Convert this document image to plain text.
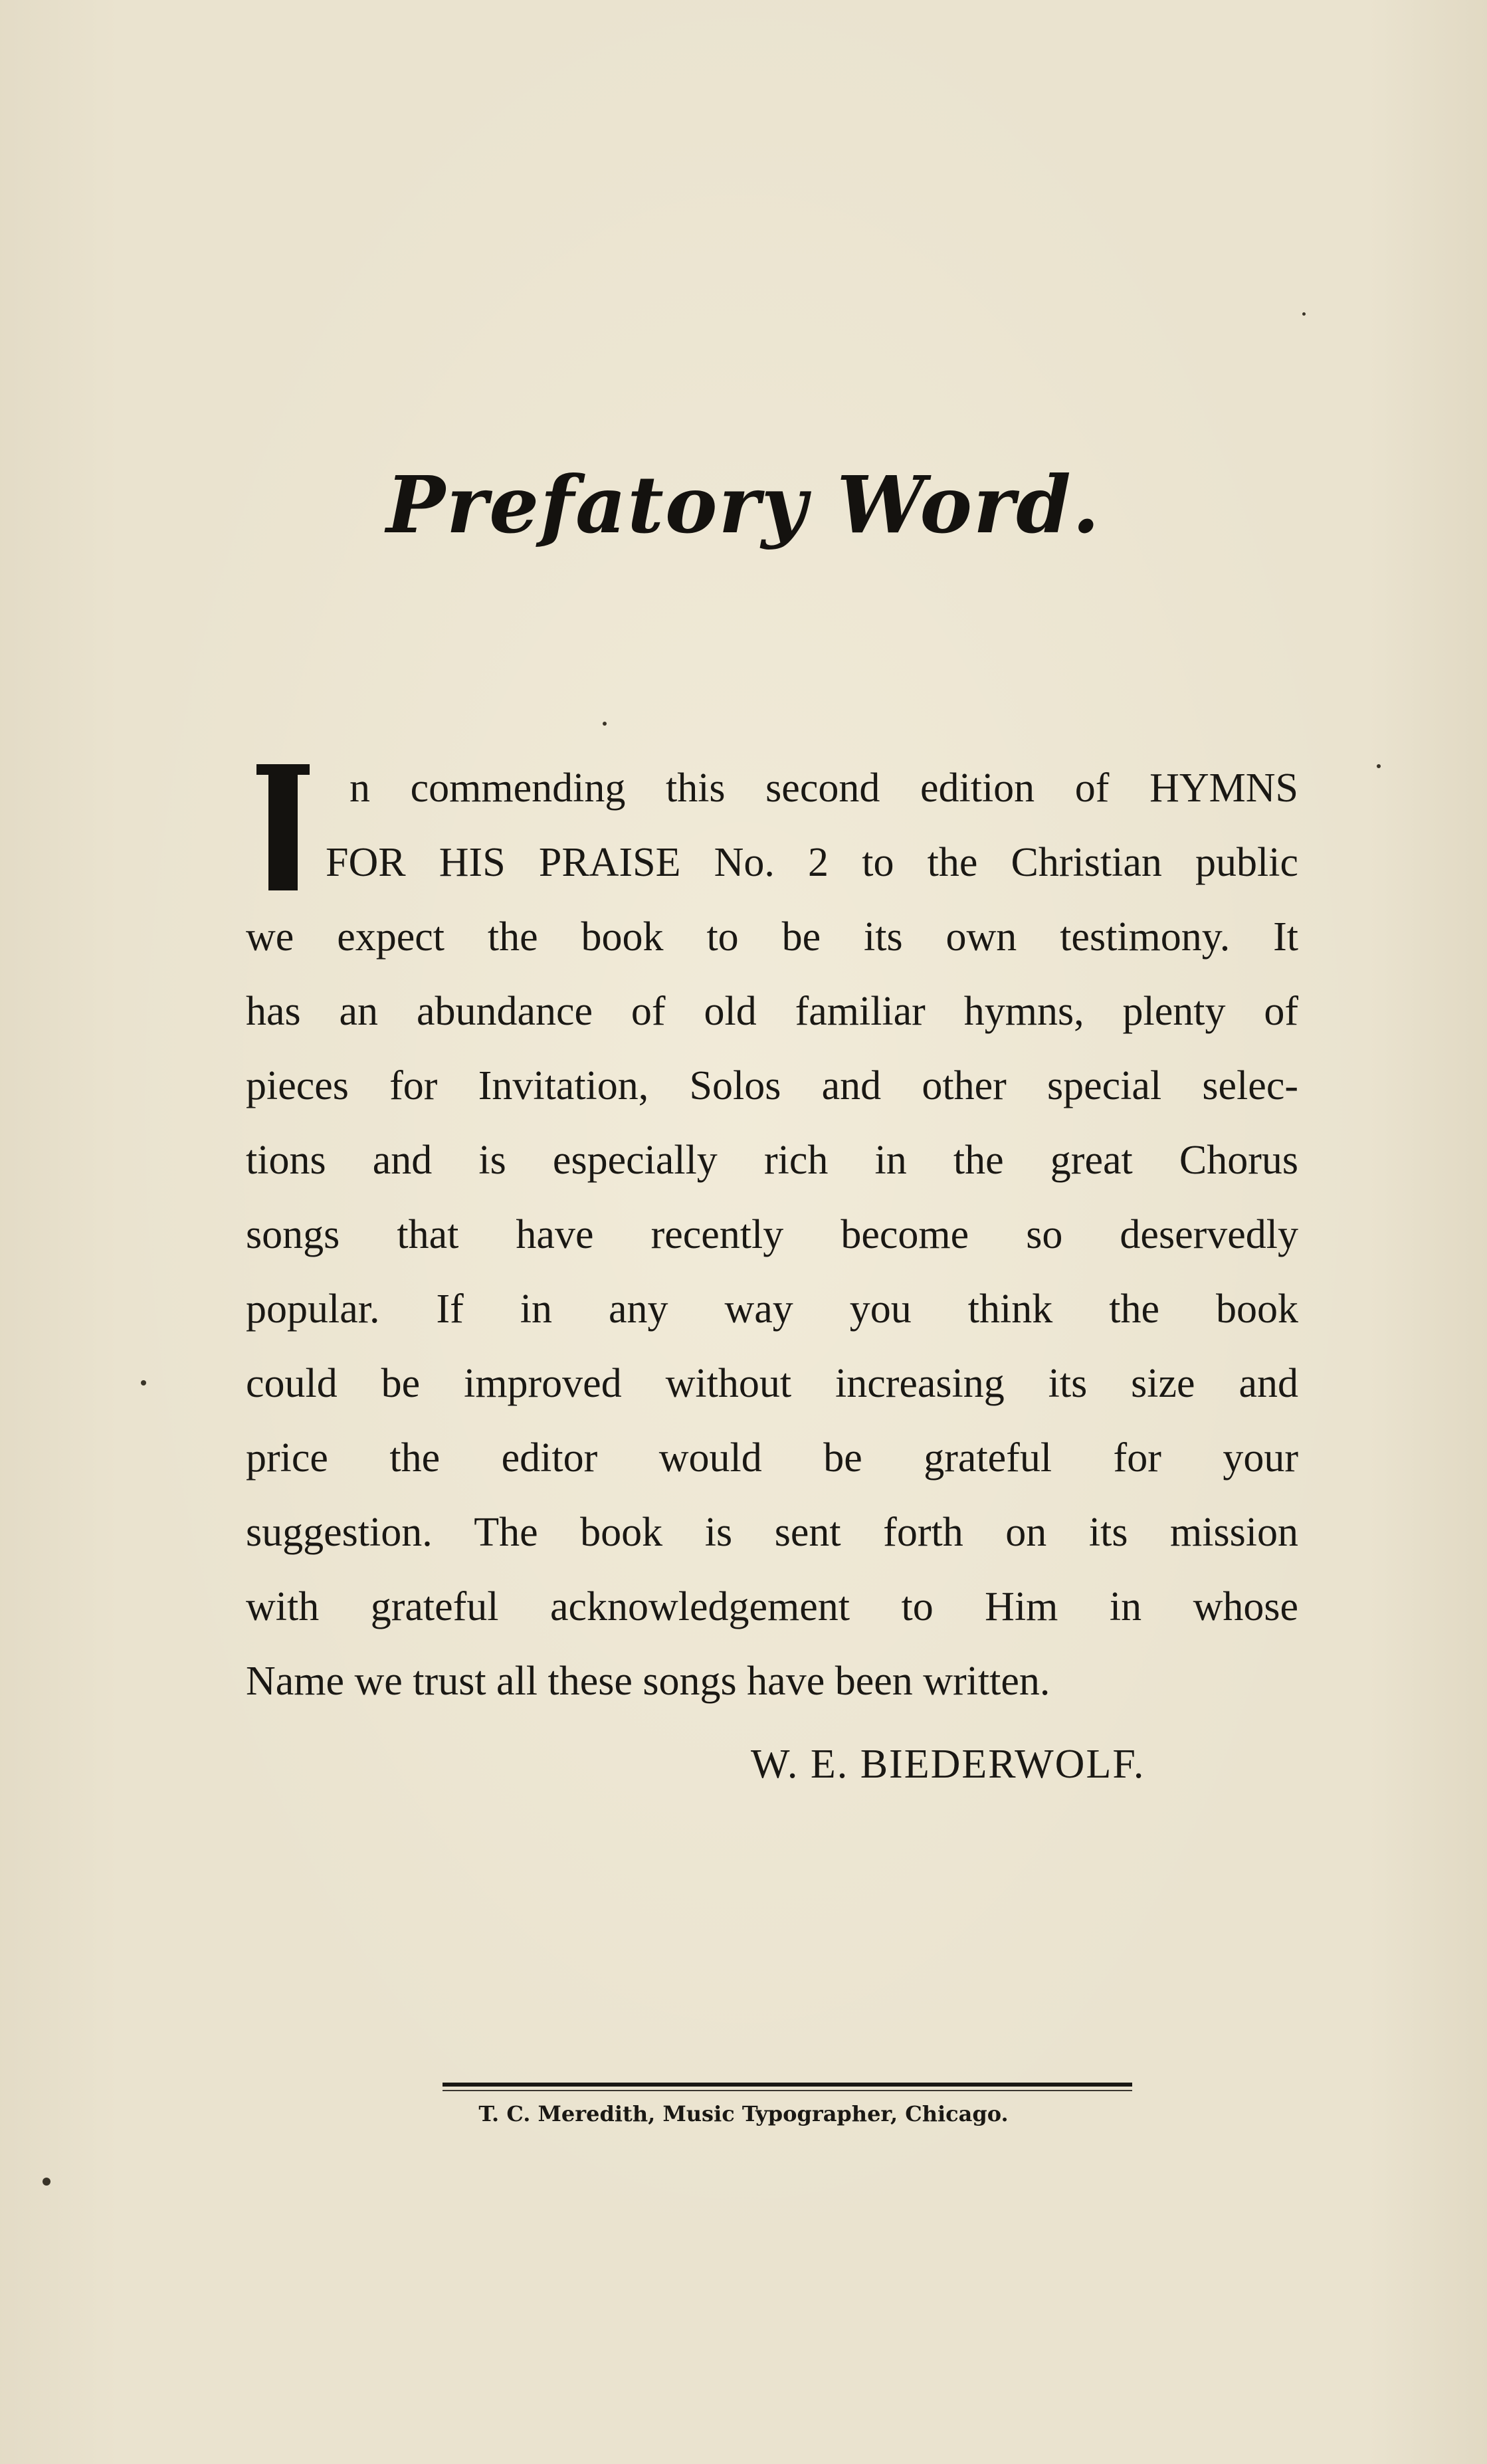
Prefatory Word.
n commending this second edition of HYMNS
FOR HIS PRAISE No. 2 to the Christian public
we expect the book to be its own testimony. It
has an abundance of old familiar hymns, plenty of
pieces for Invitation, Solos and other special selec-
tions and is especially rich in the great Chorus
songs that have recently become so deservedly
popular. If in any way you think the book
could be improved without increasing its size and
price the editor would be grateful for your
suggestion. The book is sent forth on its mission
with grateful acknowledgement to Him in whose
Name we trust all these songs have been written.
W. E. BIEDERWOLF.
T. C. Meredith, Music Typographer, Chicago.
